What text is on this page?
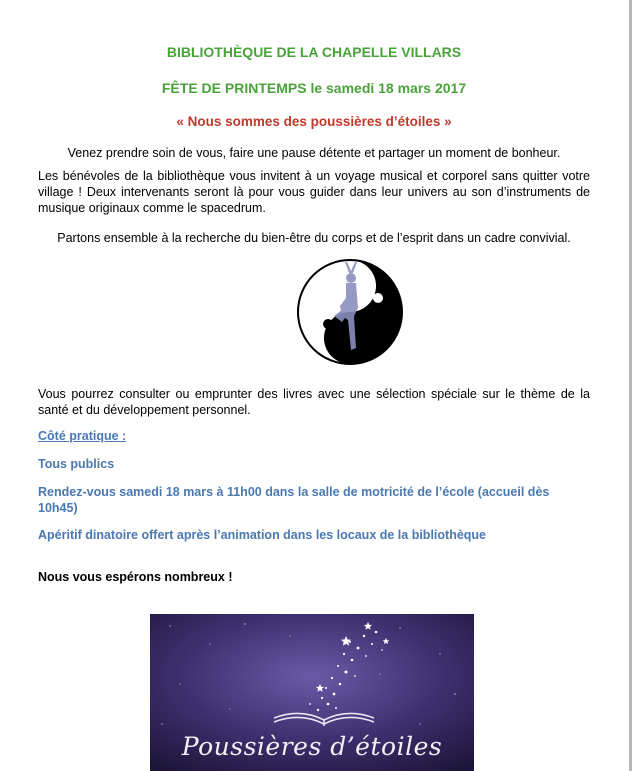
BIBLIOTHÈQUE DE LA CHAPELLE VILLARS
FÊTE DE PRINTEMPS le samedi 18 mars 2017
« Nous sommes des poussières d’étoiles »
Venez prendre soin de vous, faire une pause détente et partager un moment de bonheur.
Les bénévoles de la bibliothèque vous invitent à un voyage musical et corporel sans quitter votre village ! Deux intervenants seront là pour vous guider dans leur univers au son d’instruments de musique originaux comme le spacedrum.
Partons ensemble à la recherche du bien-être du corps et de l’esprit dans un cadre convivial.
Vous pourrez consulter ou emprunter des livres avec une sélection spéciale sur le thème de la santé et du développement personnel.
Côté pratique :
Tous publics
Rendez-vous samedi 18 mars à 11h00 dans la salle de motricité de l’école (accueil dès 10h45)
Apéritif dinatoire offert après l’animation dans les locaux de la bibliothèque
Nous vous espérons nombreux !
Poussières d’étoiles
